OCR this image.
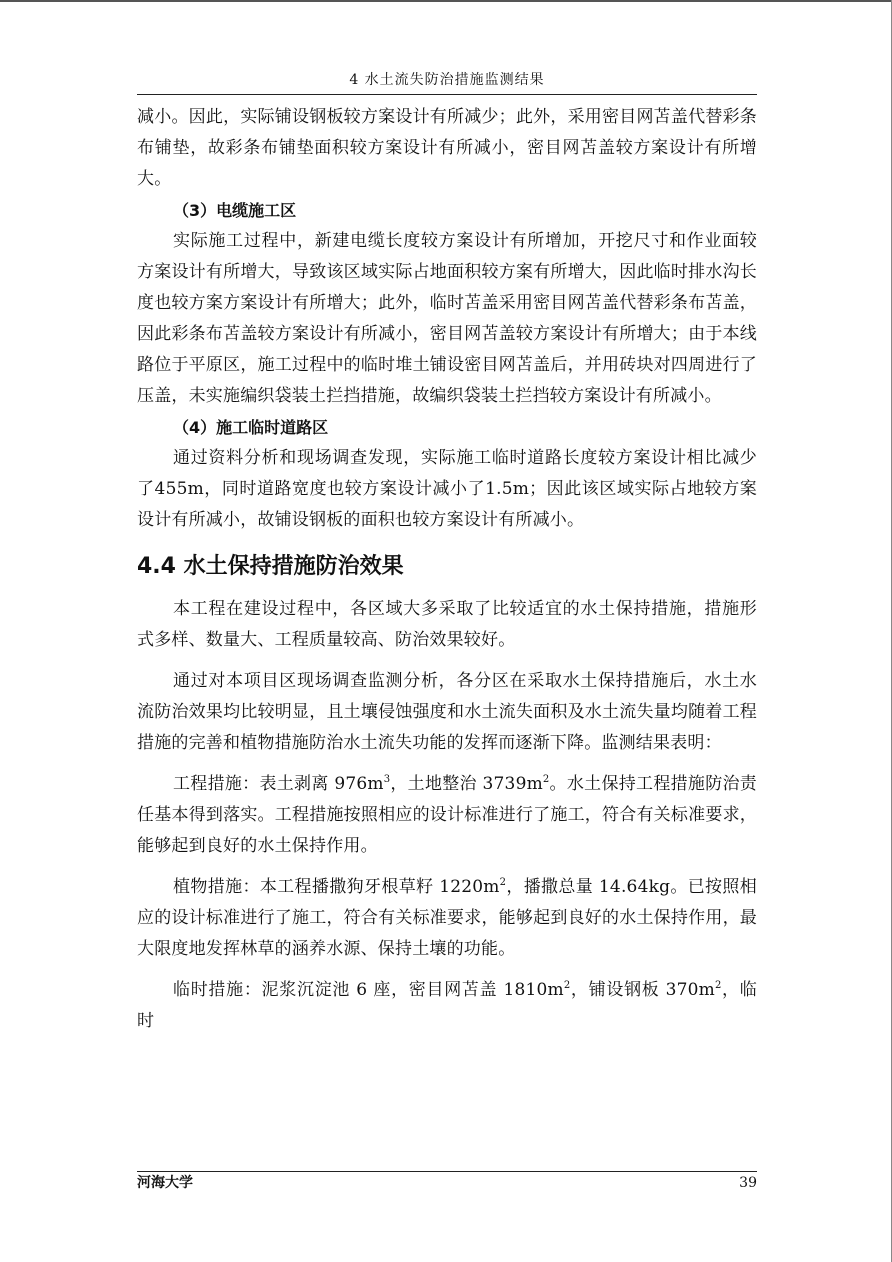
4 水土流失防治措施监测结果

减小。因此，实际铺设钢板较方案设计有所减少；此外，采用密目网苫盖代替彩条布铺垫，故彩条布铺垫面积较方案设计有所减小，密目网苫盖较方案设计有所增大。

（3）电缆施工区

实际施工过程中，新建电缆长度较方案设计有所增加，开挖尺寸和作业面较方案设计有所增大，导致该区域实际占地面积较方案有所增大，因此临时排水沟长度也较方案方案设计有所增大；此外，临时苫盖采用密目网苫盖代替彩条布苫盖，因此彩条布苫盖较方案设计有所减小，密目网苫盖较方案设计有所增大；由于本线路位于平原区，施工过程中的临时堆土铺设密目网苫盖后，并用砖块对四周进行了压盖，未实施编织袋装土拦挡措施，故编织袋装土拦挡较方案设计有所减小。

（4）施工临时道路区

通过资料分析和现场调查发现，实际施工临时道路长度较方案设计相比减少了455m，同时道路宽度也较方案设计减小了1.5m；因此该区域实际占地较方案设计有所减小，故铺设钢板的面积也较方案设计有所减小。

4.4 水土保持措施防治效果

本工程在建设过程中，各区域大多采取了比较适宜的水土保持措施，措施形式多样、数量大、工程质量较高、防治效果较好。

通过对本项目区现场调查监测分析，各分区在采取水土保持措施后，水土水流防治效果均比较明显，且土壤侵蚀强度和水土流失面积及水土流失量均随着工程措施的完善和植物措施防治水土流失功能的发挥而逐渐下降。监测结果表明：

工程措施：表土剥离 $976m^3$，土地整治 $3739m^2$。水土保持工程措施防治责任基本得到落实。工程措施按照相应的设计标准进行了施工，符合有关标准要求，能够起到良好的水土保持作用。

植物措施：本工程播撒狗牙根草籽 $1220m^2$，播撒总量 14.64kg。已按照相应的设计标准进行了施工，符合有关标准要求，能够起到良好的水土保持作用，最大限度地发挥林草的涵养水源、保持土壤的功能。

临时措施：泥浆沉淀池 6 座，密目网苫盖 $1810m^2$，铺设钢板 $370m^2$，临时

河海大学	39
